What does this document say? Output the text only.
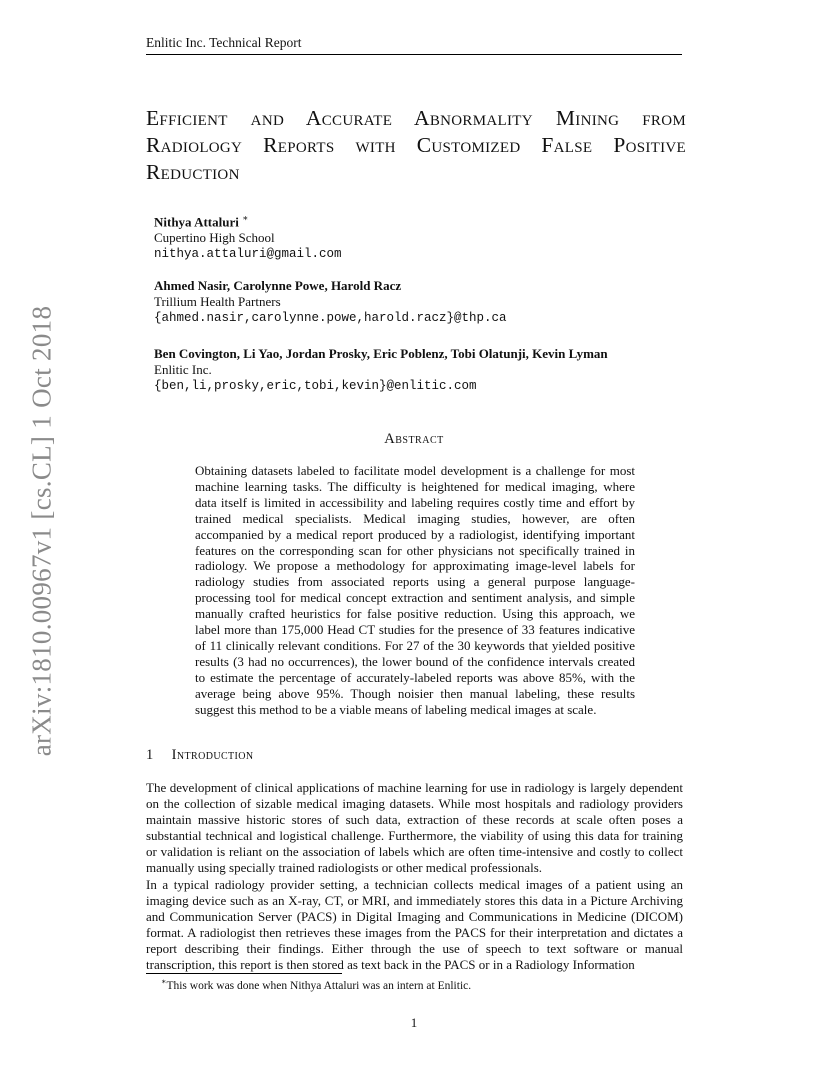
Enlitic Inc. Technical Report
Efficient and Accurate Abnormality Mining from Radiology Reports with Customized False Positive Reduction
Nithya Attaluri ∗
Cupertino High School
nithya.attaluri@gmail.com
Ahmed Nasir, Carolynne Powe, Harold Racz
Trillium Health Partners
{ahmed.nasir,carolynne.powe,harold.racz}@thp.ca
Ben Covington, Li Yao, Jordan Prosky, Eric Poblenz, Tobi Olatunji, Kevin Lyman
Enlitic Inc.
{ben,li,prosky,eric,tobi,kevin}@enlitic.com
Abstract
Obtaining datasets labeled to facilitate model development is a challenge for most machine learning tasks. The difficulty is heightened for medical imaging, where data itself is limited in accessibility and labeling requires costly time and effort by trained medical specialists. Medical imaging studies, however, are often accompanied by a medical report produced by a radiologist, identifying important features on the corresponding scan for other physicians not specifically trained in radiology. We propose a methodology for approximating image-level labels for radiology studies from associated reports using a general purpose language-processing tool for medical concept extraction and sentiment analysis, and simple manually crafted heuristics for false positive reduction. Using this approach, we label more than 175,000 Head CT studies for the presence of 33 features indicative of 11 clinically relevant conditions. For 27 of the 30 keywords that yielded positive results (3 had no occurrences), the lower bound of the confidence intervals created to estimate the percentage of accurately-labeled reports was above 85%, with the average being above 95%. Though noisier then manual labeling, these results suggest this method to be a viable means of labeling medical images at scale.
1 Introduction
The development of clinical applications of machine learning for use in radiology is largely dependent on the collection of sizable medical imaging datasets. While most hospitals and radiology providers maintain massive historic stores of such data, extraction of these records at scale often poses a substantial technical and logistical challenge. Furthermore, the viability of using this data for training or validation is reliant on the association of labels which are often time-intensive and costly to collect manually using specially trained radiologists or other medical professionals.
In a typical radiology provider setting, a technician collects medical images of a patient using an imaging device such as an X-ray, CT, or MRI, and immediately stores this data in a Picture Archiving and Communication Server (PACS) in Digital Imaging and Communications in Medicine (DICOM) format. A radiologist then retrieves these images from the PACS for their interpretation and dictates a report describing their findings. Either through the use of speech to text software or manual transcription, this report is then stored as text back in the PACS or in a Radiology Information
∗This work was done when Nithya Attaluri was an intern at Enlitic.
1
arXiv:1810.00967v1 [cs.CL] 1 Oct 2018
